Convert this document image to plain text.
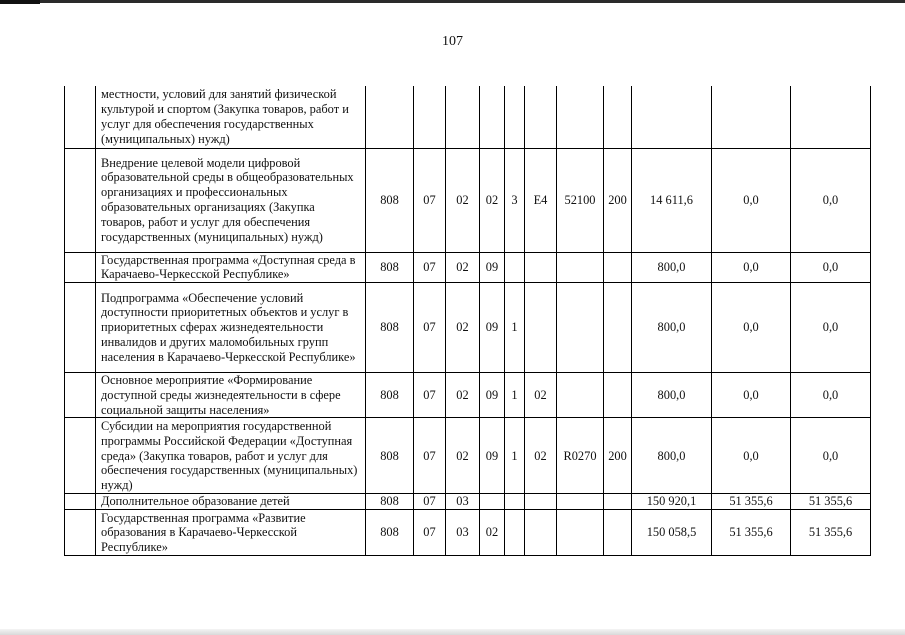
107
	местности, условий для занятий физической культурой и спортом (Закупка товаров, работ и услуг для обеспечения государственных (муниципальных) нужд)											
	Внедрение целевой модели цифровой образовательной среды в общеобразовательных организациях и профессиональных образовательных организациях (Закупка товаров, работ и услуг для обеспечения государственных (муниципальных) нужд)	808	07	02	02	3	E4	52100	200	14 611,6	0,0	0,0
	Государственная программа «Доступная среда в Карачаево-Черкесской Республике»	808	07	02	09					800,0	0,0	0,0
	Подпрограмма «Обеспечение условий доступности приоритетных объектов и услуг в приоритетных сферах жизнедеятельности инвалидов и других маломобильных групп населения в Карачаево-Черкесской Республике»	808	07	02	09	1				800,0	0,0	0,0
	Основное мероприятие «Формирование доступной среды жизнедеятельности в сфере социальной защиты населения»	808	07	02	09	1	02			800,0	0,0	0,0
	Субсидии на мероприятия государственной программы Российской Федерации «Доступная среда» (Закупка товаров, работ и услуг для обеспечения государственных (муниципальных) нужд)	808	07	02	09	1	02	R0270	200	800,0	0,0	0,0
	Дополнительное образование детей	808	07	03						150 920,1	51 355,6	51 355,6
	Государственная программа «Развитие образования в Карачаево-Черкесской Республике»	808	07	03	02					150 058,5	51 355,6	51 355,6
